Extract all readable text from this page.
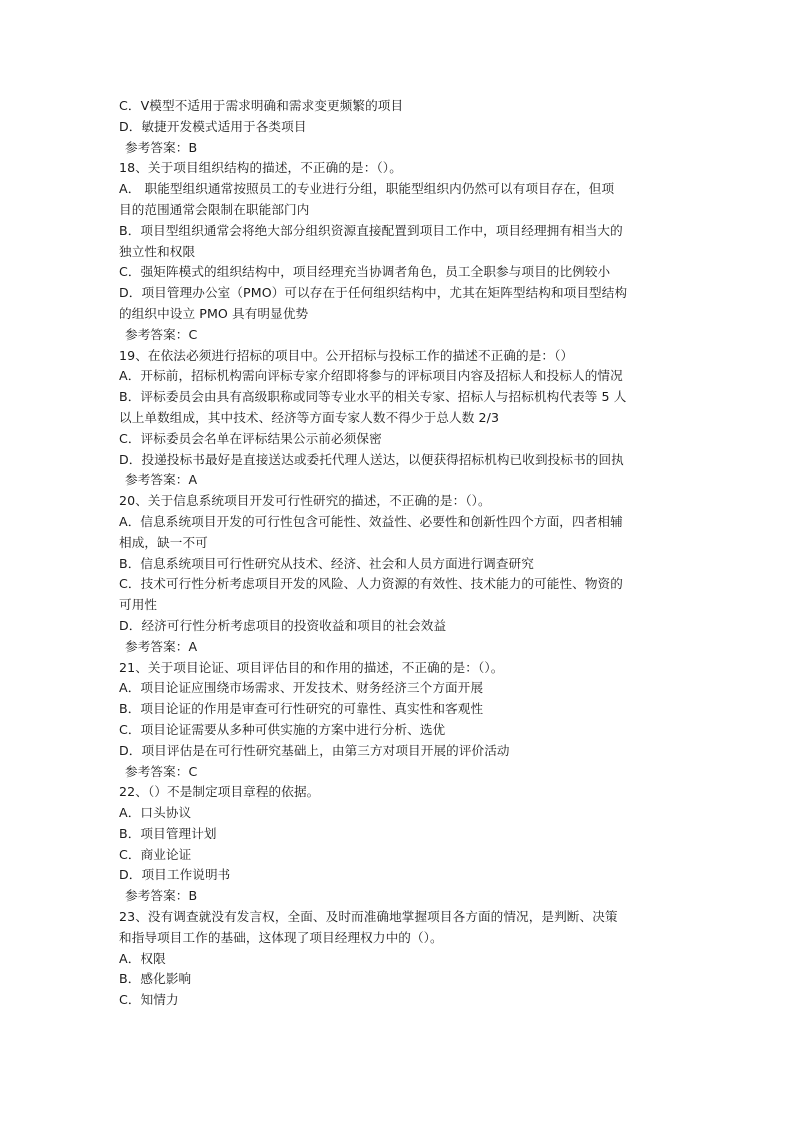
C．V模型不适用于需求明确和需求变更频繁的项目
D．敏捷开发模式适用于各类项目
参考答案：B
18、关于项目组织结构的描述，不正确的是：（）。
A． 职能型组织通常按照员工的专业进行分组，职能型组织内仍然可以有项目存在，但项
目的范围通常会限制在职能部门内
B．项目型组织通常会将绝大部分组织资源直接配置到项目工作中，项目经理拥有相当大的
独立性和权限
C．强矩阵模式的组织结构中，项目经理充当协调者角色，员工全职参与项目的比例较小
D．项目管理办公室（PMO）可以存在于任何组织结构中，尤其在矩阵型结构和项目型结构
的组织中设立 PMO 具有明显优势
参考答案：C
19、在依法必须进行招标的项目中。公开招标与投标工作的描述不正确的是：（）
A．开标前，招标机构需向评标专家介绍即将参与的评标项目内容及招标人和投标人的情况
B．评标委员会由具有高级职称或同等专业水平的相关专家、招标人与招标机构代表等 5 人
以上单数组成，其中技术、经济等方面专家人数不得少于总人数 2/3
C．评标委员会名单在评标结果公示前必须保密
D．投递投标书最好是直接送达或委托代理人送达，以便获得招标机构已收到投标书的回执
参考答案：A
20、关于信息系统项目开发可行性研究的描述，不正确的是：（）。
A．信息系统项目开发的可行性包含可能性、效益性、必要性和创新性四个方面，四者相辅
相成，缺一不可
B．信息系统项目可行性研究从技术、经济、社会和人员方面进行调查研究
C．技术可行性分析考虑项目开发的风险、人力资源的有效性、技术能力的可能性、物资的
可用性
D．经济可行性分析考虑项目的投资收益和项目的社会效益
参考答案：A
21、关于项目论证、项目评估目的和作用的描述，不正确的是：（）。
A．项目论证应围绕市场需求、开发技术、财务经济三个方面开展
B．项目论证的作用是审查可行性研究的可靠性、真实性和客观性
C．项目论证需要从多种可供实施的方案中进行分析、选优
D．项目评估是在可行性研究基础上，由第三方对项目开展的评价活动
参考答案：C
22、（）不是制定项目章程的依据。
A．口头协议
B．项目管理计划
C．商业论证
D．项目工作说明书
参考答案：B
23、没有调查就没有发言权，全面、及时而准确地掌握项目各方面的情况，是判断、决策
和指导项目工作的基础，这体现了项目经理权力中的（）。
A．权限
B．感化影响
C．知情力
